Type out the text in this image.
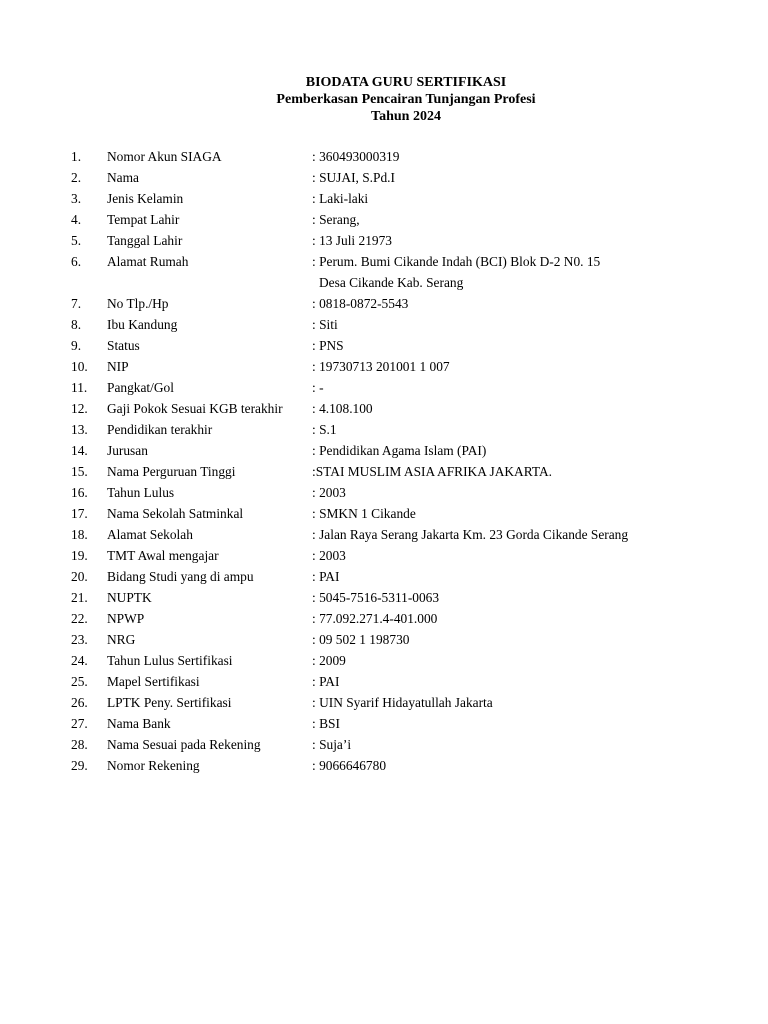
BIODATA GURU SERTIFIKASI
Pemberkasan Pencairan Tunjangan Profesi
Tahun 2024
1. Nomor Akun SIAGA	: 360493000319
2. Nama	: SUJAI, S.Pd.I
3. Jenis Kelamin	: Laki-laki
4. Tempat Lahir	: Serang,
5. Tanggal Lahir	: 13 Juli 21973
6. Alamat Rumah	: Perum. Bumi Cikande Indah (BCI) Blok D-2 N0. 15
Desa Cikande Kab. Serang
7. No Tlp./Hp	: 0818-0872-5543
8. Ibu Kandung	: Siti
9. Status	: PNS
10. NIP	: 19730713 201001 1 007
11. Pangkat/Gol	: -
12. Gaji Pokok Sesuai KGB terakhir : 4.108.100
13. Pendidikan terakhir	: S.1
14. Jurusan	: Pendidikan Agama Islam (PAI)
15. Nama Perguruan Tinggi	:STAI MUSLIM ASIA AFRIKA JAKARTA.
16. Tahun Lulus	: 2003
17. Nama Sekolah Satminkal	: SMKN 1 Cikande
18. Alamat Sekolah	: Jalan Raya Serang Jakarta Km. 23 Gorda Cikande Serang
19. TMT Awal mengajar	: 2003
20. Bidang Studi yang di ampu	: PAI
21. NUPTK	: 5045-7516-5311-0063
22. NPWP	: 77.092.271.4-401.000
23. NRG	: 09 502 1 198730
24. Tahun Lulus Sertifikasi	: 2009
25. Mapel Sertifikasi	: PAI
26. LPTK Peny. Sertifikasi	: UIN Syarif Hidayatullah Jakarta
27. Nama Bank	: BSI
28. Nama Sesuai pada Rekening	: Suja’i
29. Nomor Rekening	: 9066646780
